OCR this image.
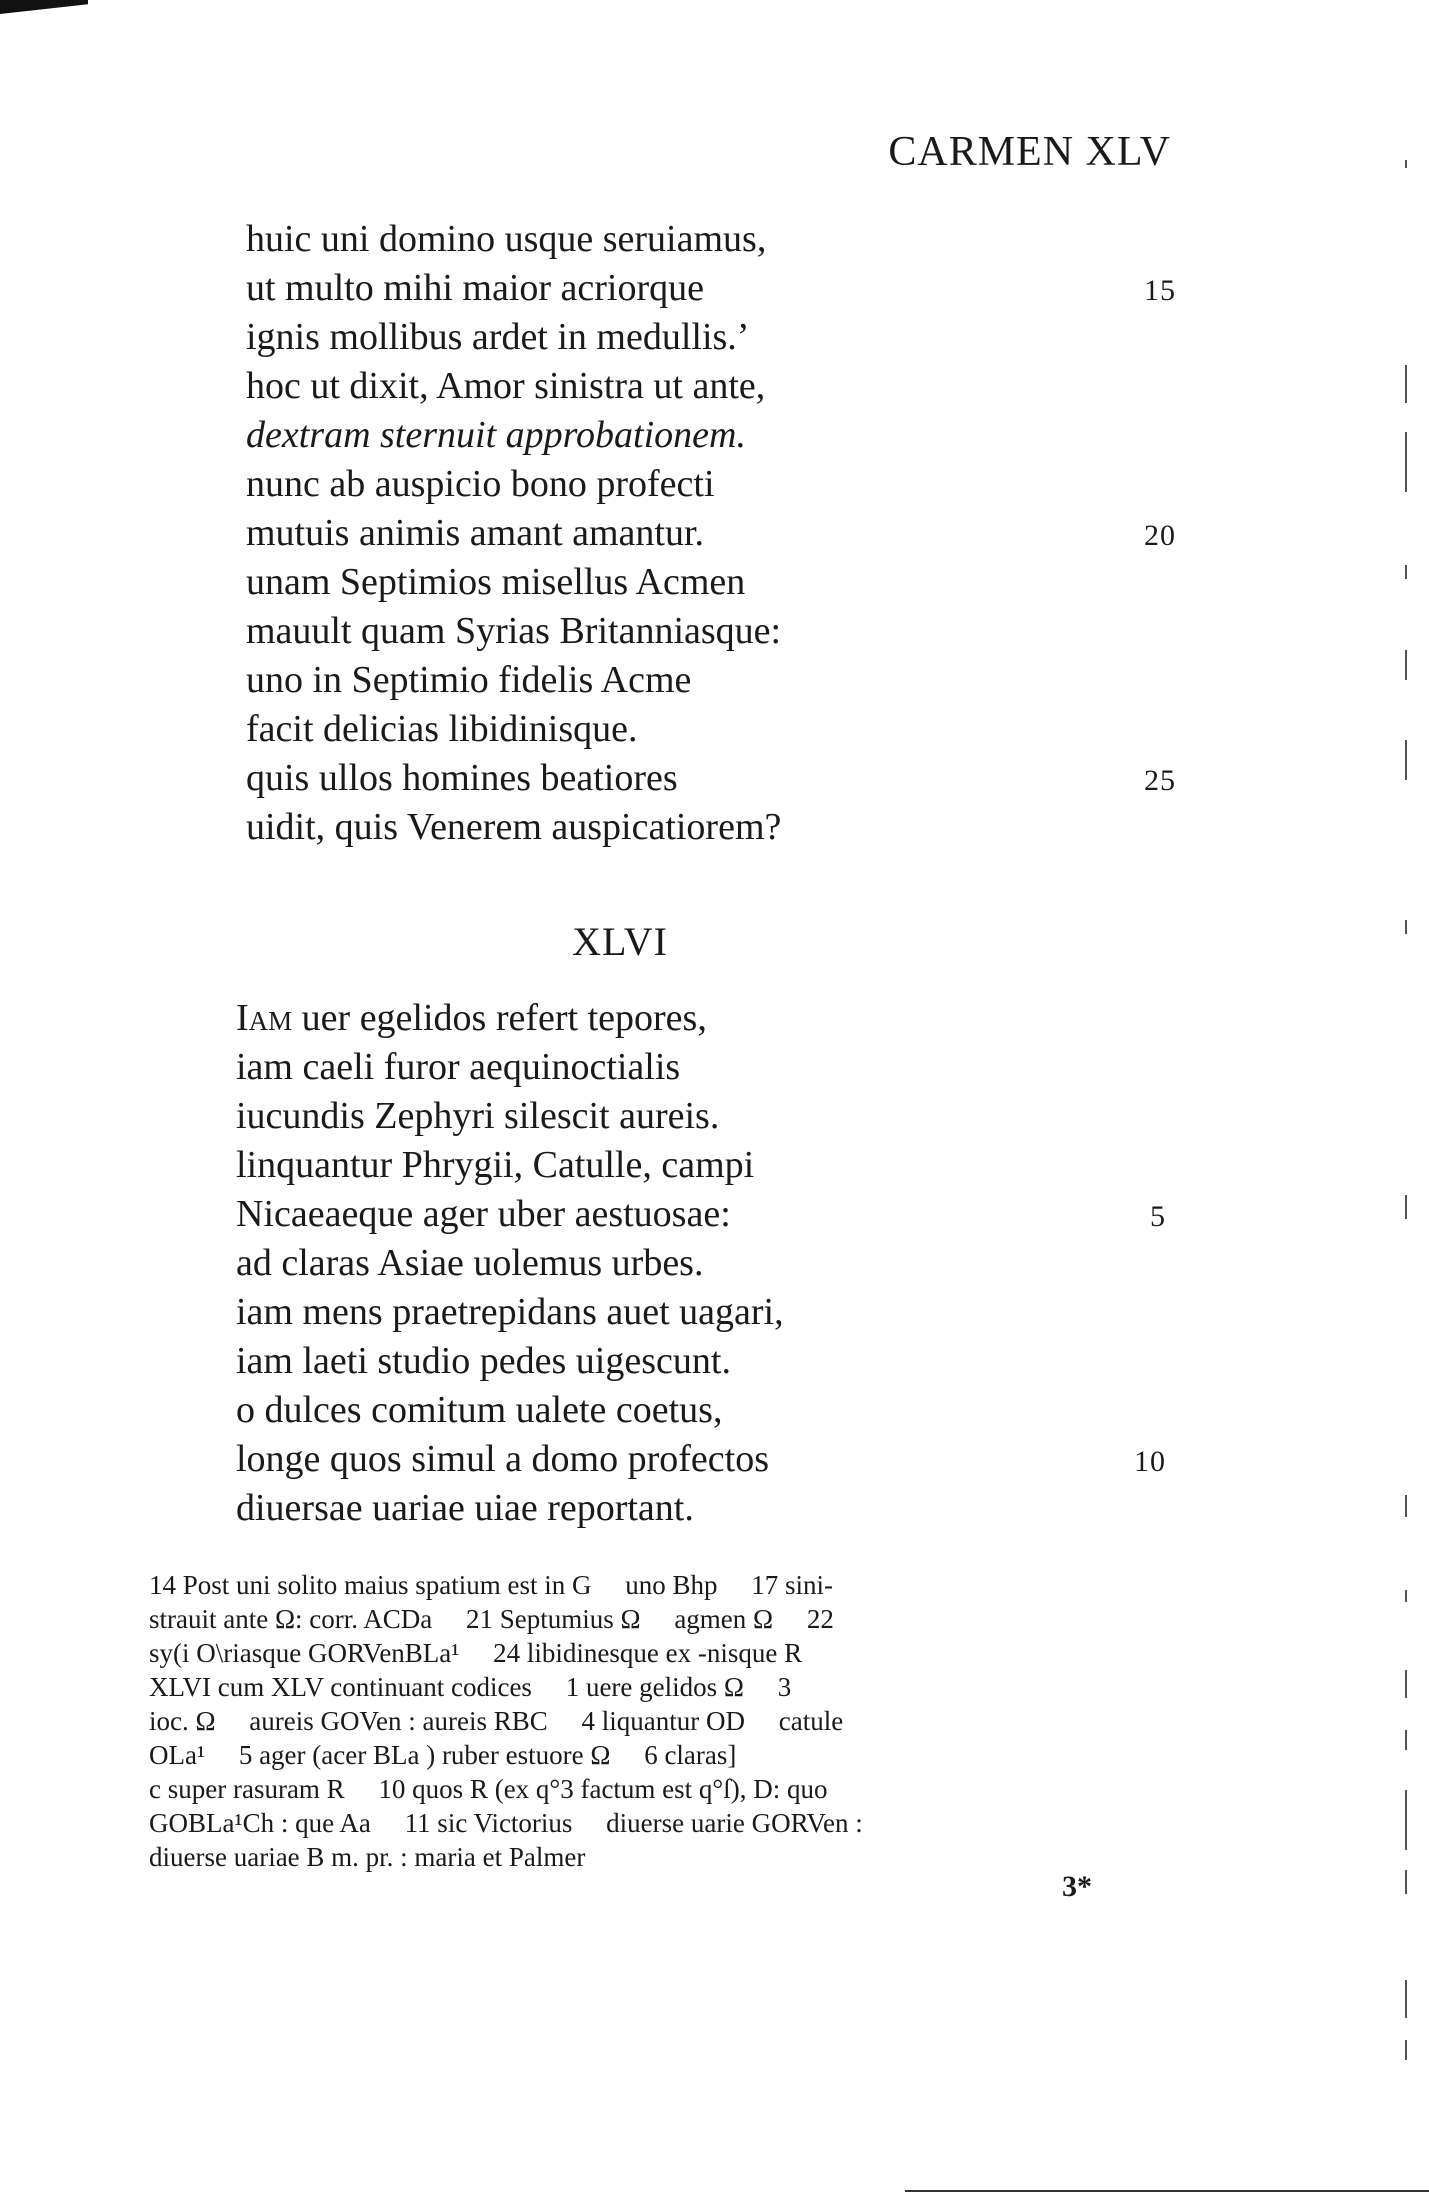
CARMEN XLV
huic uni domino usque seruiamus,
ut multo mihi maior acriorque	15
ignis mollibus ardet in medullis.’
hoc ut dixit, Amor sinistra ut ante,
dextram sternuit approbationem.
nunc ab auspicio bono profecti
mutuis animis amant amantur.	20
unam Septimios misellus Acmen
mauult quam Syrias Britanniasque:
uno in Septimio fidelis Acme
facit delicias libidinisque.
quis ullos homines beatiores	25
uidit, quis Venerem auspicatiorem?
XLVI
Iam uer egelidos refert tepores,
iam caeli furor aequinoctialis
iucundis Zephyri silescit aureis.
linquantur Phrygii, Catulle, campi
Nicaeaeque ager uber aestuosae:	5
ad claras Asiae uolemus urbes.
iam mens praetrepidans auet uagari,
iam laeti studio pedes uigescunt.
o dulces comitum ualete coetus,
longe quos simul a domo profectos	10
diuersae uariae uiae reportant.
14 Post uni solito maius spatium est in G     uno Bhp     17 sini-
strauit ante Ω: corr. ACDa     21 Septumius Ω     agmen Ω     22
sy(i O\riasque GORVenBLa¹     24 libidinesque ex -nisque R
XLVI cum XLV continuant codices     1 uere gelidos Ω     3
ioc. Ω     aureis GOVen : aureis RBC     4 liquantur OD     catule
OLa¹     5 ager (acer BLa ) ruber estuore Ω     6 claras]
c super rasuram R     10 quos R (ex q°3 factum est q°ſ), D: quo
GOBLa¹Ch : que Aa     11 sic Victorius     diuerse uarie GORVen :
diuerse uariae B m. pr. : maria et Palmer
3*
